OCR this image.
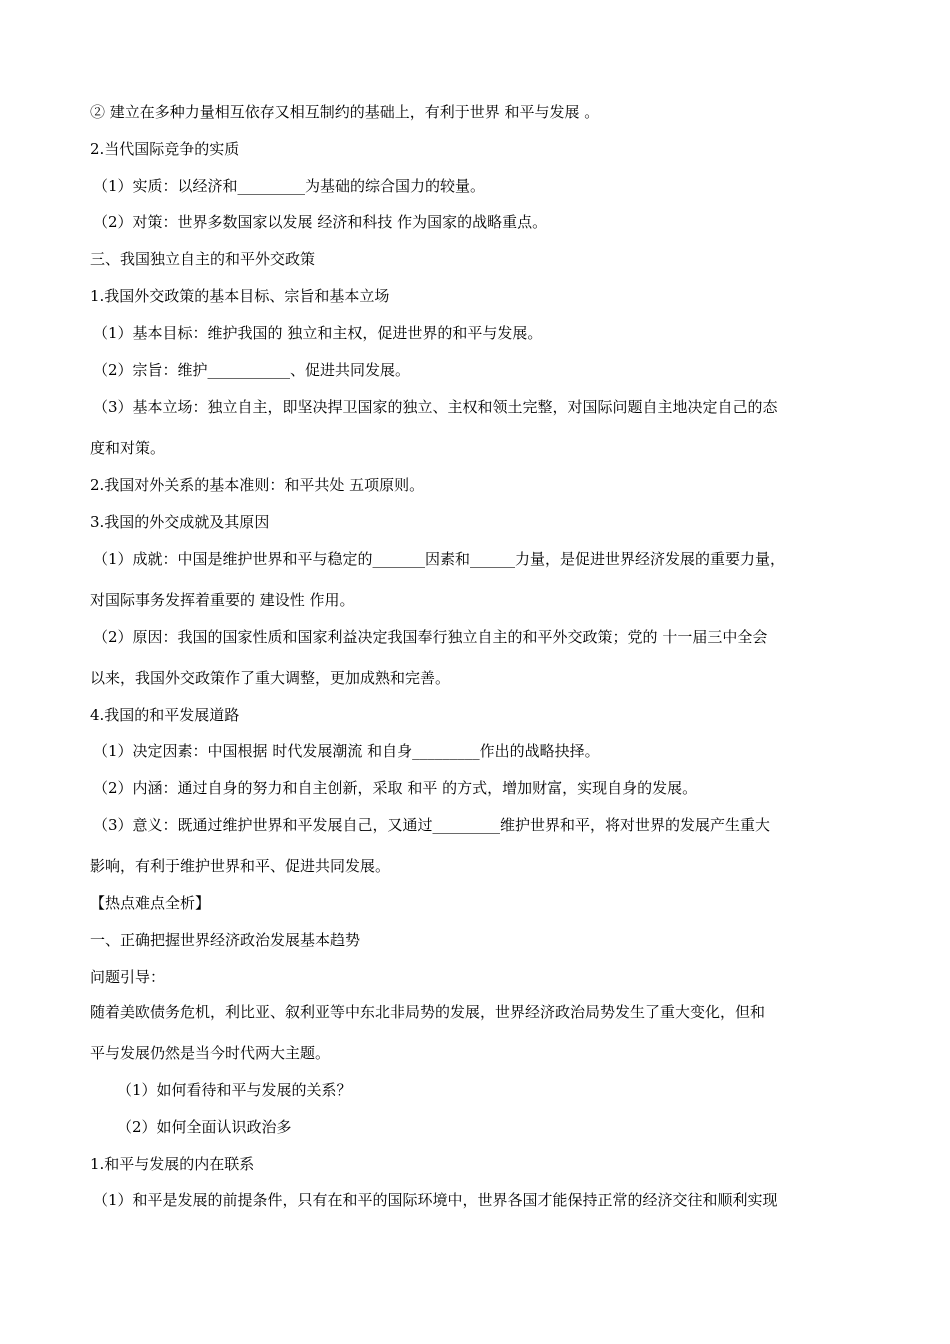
② 建立在多种力量相互依存又相互制约的基础上，有利于世界 和平与发展 。
2.当代国际竞争的实质
（1）实质：以经济和_________为基础的综合国力的较量。
（2）对策：世界多数国家以发展 经济和科技 作为国家的战略重点。
三、我国独立自主的和平外交政策
1.我国外交政策的基本目标、宗旨和基本立场
（1）基本目标：维护我国的 独立和主权，促进世界的和平与发展。
（2）宗旨：维护___________、促进共同发展。
（3）基本立场：独立自主，即坚决捍卫国家的独立、主权和领土完整，对国际问题自主地决定自己的态
度和对策。
2.我国对外关系的基本准则：和平共处 五项原则。
3.我国的外交成就及其原因
（1）成就：中国是维护世界和平与稳定的_______因素和______力量，是促进世界经济发展的重要力量，
对国际事务发挥着重要的 建设性 作用。
（2）原因：我国的国家性质和国家利益决定我国奉行独立自主的和平外交政策；党的 十一届三中全会
以来，我国外交政策作了重大调整，更加成熟和完善。
4.我国的和平发展道路
（1）决定因素：中国根据 时代发展潮流 和自身_________作出的战略抉择。
（2）内涵：通过自身的努力和自主创新，采取 和平 的方式，增加财富，实现自身的发展。
（3）意义：既通过维护世界和平发展自己，又通过_________维护世界和平，将对世界的发展产生重大
影响，有利于维护世界和平、促进共同发展。
【热点难点全析】
一、正确把握世界经济政治发展基本趋势
问题引导：
随着美欧债务危机，利比亚、叙利亚等中东北非局势的发展，世界经济政治局势发生了重大变化，但和
平与发展仍然是当今时代两大主题。
（1）如何看待和平与发展的关系？
（2）如何全面认识政治多
1.和平与发展的内在联系
（1）和平是发展的前提条件，只有在和平的国际环境中，世界各国才能保持正常的经济交往和顺利实现
